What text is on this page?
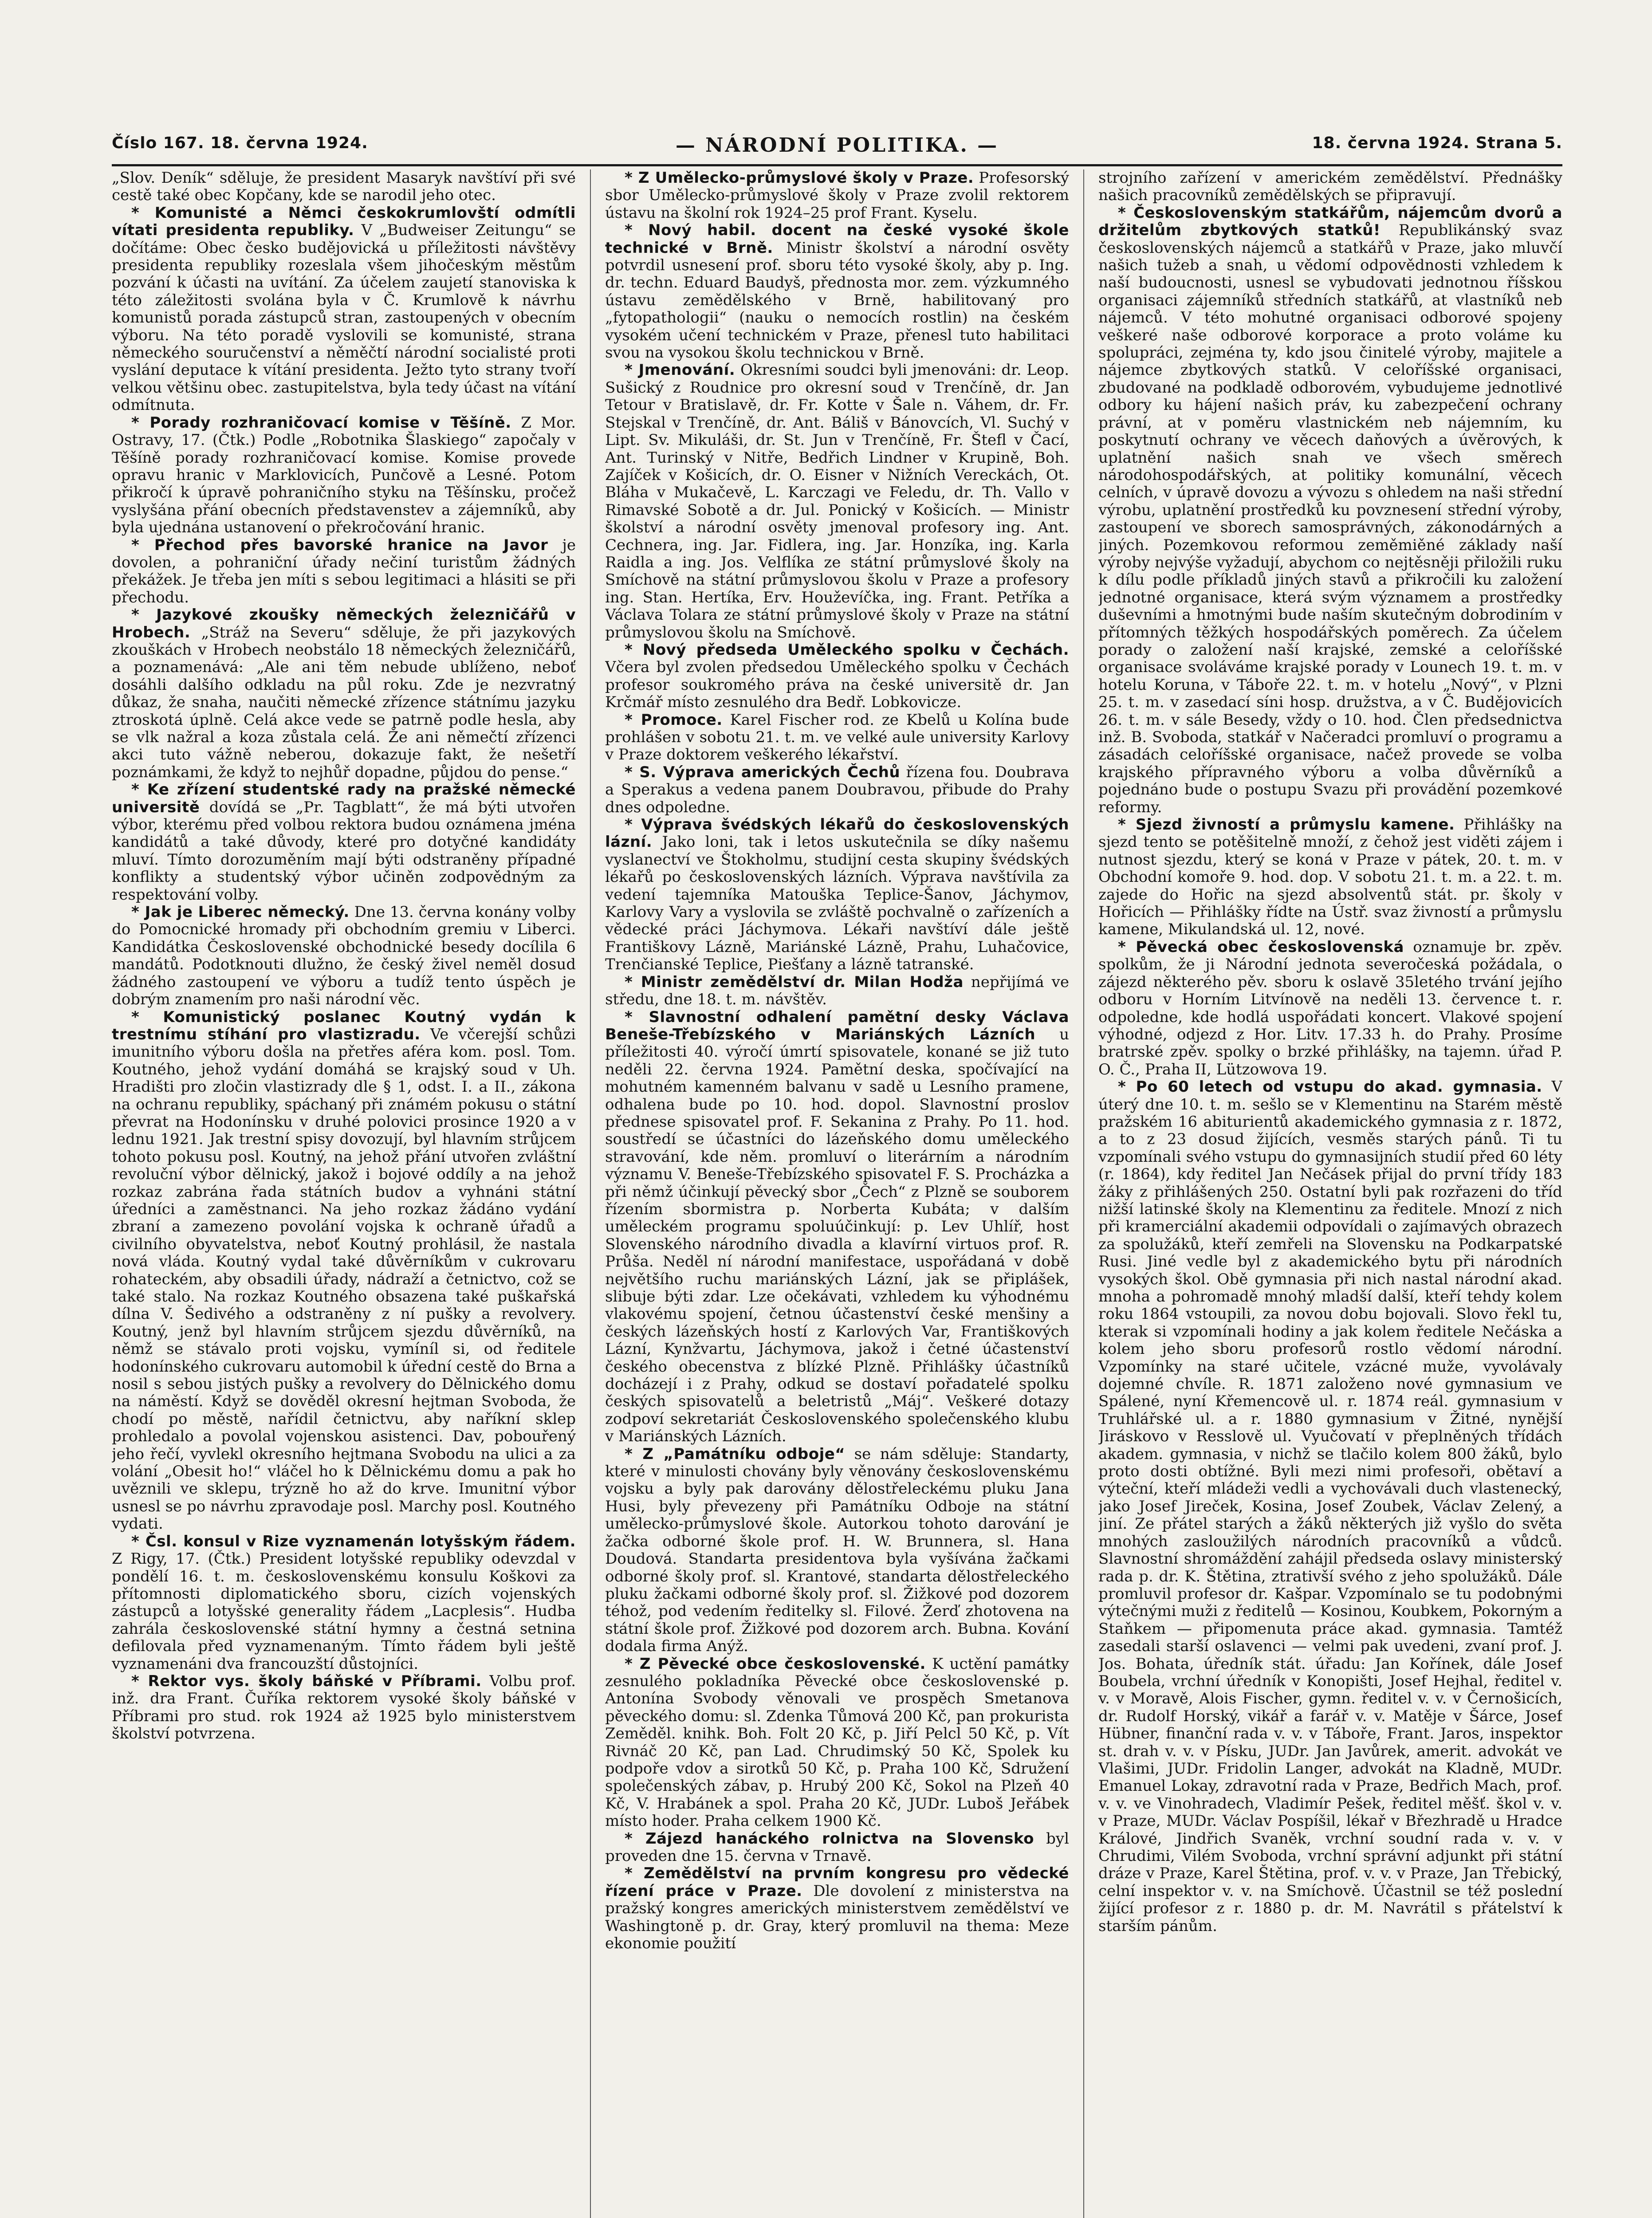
Číslo 167. 18. června 1924.	— NÁRODNÍ POLITIKA. —	18. června 1924. Strana 5.

„Slov. Deník“ sděluje, že president Masaryk navštíví při své cestě také obec Kopčany, kde se narodil jeho otec.

* Komunisté a Němci českokrumlovští odmítli vítati presidenta republiky. V „Budweiser Zeitungu“ se dočítáme: Obec česko budějovická u příležitosti návštěvy presidenta republiky rozeslala všem jihočeským městům pozvání k účasti na uvítání. Za účelem zaujetí stanoviska k této záležitosti svolána byla v Č. Krumlově k návrhu komunistů porada zástupců stran, zastoupených v obecním výboru. Na této poradě vyslovili se komunisté, strana německého souručenství a něměčtí národní socialisté proti vyslání deputace k vítání presidenta. Ježto tyto strany tvoří velkou většinu obec. zastupitelstva, byla tedy účast na vítání odmítnuta.

* Porady rozhraničovací komise v Těšíně. Z Mor. Ostravy, 17. (Čtk.) Podle „Robotnika Šlaskiego“ započaly v Těšíně porady rozhraničovací komise. Komise provede opravu hranic v Marklovicích, Punčově a Lesné. Potom přikročí k úpravě pohraničního styku na Těšínsku, pročež vyslyšána přání obecních představenstev a zájemníků, aby byla ujednána ustanovení o překročování hranic.

* Přechod přes bavorské hranice na Javor je dovolen, a pohraniční úřady nečiní turistům žádných překážek. Je třeba jen míti s sebou legitimaci a hlásiti se při přechodu.

* Jazykové zkoušky německých železničářů v Hrobech. „Stráž na Severu“ sděluje, že při jazykových zkouškách v Hrobech neobstálo 18 německých železničářů, a poznamenává: „Ale ani těm nebude ublíženo, neboť dosáhli dalšího odkladu na půl roku. Zde je nezvratný důkaz, že snaha, naučiti německé zřízence státnímu jazyku ztroskotá úplně. Celá akce vede se patrně podle hesla, aby se vlk nažral a koza zůstala celá. Že ani němečtí zřízenci akci tuto vážně neberou, dokazuje fakt, že nešetří poznámkami, že když to nejhůř dopadne, půjdou do pense.“

* Ke zřízení studentské rady na pražské německé universitě dovídá se „Pr. Tagblatt“, že má býti utvořen výbor, kterému před volbou rektora budou oznámena jména kandidátů a také důvody, které pro dotyčné kandidáty mluví. Tímto dorozuměním mají býti odstraněny případné konflikty a studentský výbor učiněn zodpovědným za respektování volby.

* Jak je Liberec německý. Dne 13. června konány volby do Pomocnické hromady při obchodním gremiu v Liberci. Kandidátka Československé obchodnické besedy docílila 6 mandátů. Podotknouti dlužno, že český živel neměl dosud žádného zastoupení ve výboru a tudíž tento úspěch je dobrým znamením pro naši národní věc.

* Komunistický poslanec Koutný vydán k trestnímu stíhání pro vlastizradu. Ve včerejší schůzi imunitního výboru došla na přetřes aféra kom. posl. Tom. Koutného, jehož vydání domáhá se krajský soud v Uh. Hradišti pro zločin vlastizrady dle § 1, odst. I. a II., zákona na ochranu republiky, spáchaný při známém pokusu o státní převrat na Hodonínsku v druhé polovici prosince 1920 a v lednu 1921. Jak trestní spisy dovozují, byl hlavním strůjcem tohoto pokusu posl. Koutný, na jehož přání utvořen zvláštní revoluční výbor dělnický, jakož i bojové oddíly a na jehož rozkaz zabrána řada státních budov a vyhnáni státní úředníci a zaměstnanci. Na jeho rozkaz žádáno vydání zbraní a zamezeno povolání vojska k ochraně úřadů a civilního obyvatelstva, neboť Koutný prohlásil, že nastala nová vláda. Koutný vydal také důvěrníkům v cukrovaru rohateckém, aby obsadili úřady, nádraží a četnictvo, což se také stalo. Na rozkaz Koutného obsazena také puškařská dílna V. Šedivého a odstraněny z ní pušky a revolvery. Koutný, jenž byl hlavním strůjcem sjezdu důvěrníků, na němž se stávalo proti vojsku, vymíníl si, od ředitele hodonínského cukrovaru automobil k úřední cestě do Brna a nosil s sebou jistých pušky a revolvery do Dělnického domu na náměstí. Když se dověděl okresní hejtman Svoboda, že chodí po městě, nařídil četnictvu, aby naříkní sklep prohledalo a povolal vojenskou asistenci. Dav, pobouřený jeho řečí, vyvlekl okresního hejtmana Svobodu na ulici a za volání „Obesit ho!“ vláčel ho k Dělnickému domu a pak ho uvěznili ve sklepu, trýzně ho až do krve. Imunitní výbor usnesl se po návrhu zpravodaje posl. Marchy posl. Koutného vydati.

* Čsl. konsul v Rize vyznamenán lotyšským řádem. Z Rigy, 17. (Čtk.) President lotyšské republiky odevzdal v pondělí 16. t. m. československému konsulu Koškovi za přítomnosti diplomatického sboru, cizích vojenských zástupců a lotyšské generality řádem „Lacplesis“. Hudba zahrála československé státní hymny a čestná setnina defilovala před vyznamenaným. Tímto řádem byli ještě vyznamenáni dva francouzští důstojníci.

* Rektor vys. školy báňské v Příbrami. Volbu prof. inž. dra Frant. Čuříka rektorem vysoké školy báňské v Příbrami pro stud. rok 1924 až 1925 bylo ministerstvem školství potvrzena.

* Z Umělecko-průmyslové školy v Praze. Profesorský sbor Umělecko-průmyslové školy v Praze zvolil rektorem ústavu na školní rok 1924–25 prof Frant. Kyselu.

* Nový habil. docent na české vysoké škole technické v Brně. Ministr školství a národní osvěty potvrdil usnesení prof. sboru této vysoké školy, aby p. Ing. dr. techn. Eduard Baudyš, přednosta mor. zem. výzkumného ústavu zemědělského v Brně, habilitovaný pro „fytopathologii“ (nauku o nemocích rostlin) na českém vysokém učení technickém v Praze, přenesl tuto habilitaci svou na vysokou školu technickou v Brně.

* Jmenování. Okresními soudci byli jmenováni: dr. Leop. Sušický z Roudnice pro okresní soud v Trenčíně, dr. Jan Tetour v Bratislavě, dr. Fr. Kotte v Šale n. Váhem, dr. Fr. Stejskal v Trenčíně, dr. Ant. Báliš v Bánovcích, Vl. Suchý v Lipt. Sv. Mikuláši, dr. St. Jun v Trenčíně, Fr. Štefl v Čací, Ant. Turinský v Nitře, Bedřich Lindner v Krupině, Boh. Zajíček v Košicích, dr. O. Eisner v Nižních Vereckách, Ot. Bláha v Mukačevě, L. Karczagi ve Feledu, dr. Th. Vallo v Rimavské Sobotě a dr. Jul. Ponický v Košicích. — Ministr školství a národní osvěty jmenoval profesory ing. Ant. Cechnera, ing. Jar. Fidlera, ing. Jar. Honzíka, ing. Karla Raidla a ing. Jos. Velflíka ze státní průmyslové školy na Smíchově na státní průmyslovou školu v Praze a profesory ing. Stan. Hertíka, Erv. Houževíčka, ing. Frant. Petříka a Václava Tolara ze státní průmyslové školy v Praze na státní průmyslovou školu na Smíchově.

* Nový předseda Uměleckého spolku v Čechách. Včera byl zvolen předsedou Uměleckého spolku v Čechách profesor soukromého práva na české universitě dr. Jan Krčmář místo zesnulého dra Bedř. Lobkovicze.

* Promoce. Karel Fischer rod. ze Kbelů u Kolína bude prohlášen v sobotu 21. t. m. ve velké aule university Karlovy v Praze doktorem veškerého lékařství.

* S. Výprava amerických Čechů řízena fou. Doubrava a Sperakus a vedena panem Doubravou, přibude do Prahy dnes odpoledne.

* Výprava švédských lékařů do československých lázní. Jako loni, tak i letos uskutečnila se díky našemu vyslanectví ve Štokholmu, studijní cesta skupiny švédských lékařů po československých lázních. Výprava navštívila za vedení tajemníka Matouška Teplice-Šanov, Jáchymov, Karlovy Vary a vyslovila se zvláště pochvalně o zařízeních a vědecké práci Jáchymova. Lékaři navštíví dále ještě Františkovy Lázně, Mariánské Lázně, Prahu, Luhačovice, Trenčianské Teplice, Piešťany a lázně tatranské.

* Ministr zemědělství dr. Milan Hodža nepřijímá ve středu, dne 18. t. m. návštěv.

* Slavnostní odhalení pamětní desky Václava Beneše-Třebízského v Mariánských Lázních u příležitosti 40. výročí úmrtí spisovatele, konané se již tuto neděli 22. června 1924. Pamětní deska, spočívající na mohutném kamenném balvanu v sadě u Lesního pramene, odhalena bude po 10. hod. dopol. Slavnostní proslov přednese spisovatel prof. F. Sekanina z Prahy. Po 11. hod. soustředí se účastníci do lázeňského domu uměleckého stravování, kde něm. promluví o literárním a národním významu V. Beneše-Třebízského spisovatel F. S. Procházka a při němž účinkují pěvecký sbor „Čech“ z Plzně se souborem řízením sbormistra p. Norberta Kubáta; v dalším uměleckém programu spoluúčinkují: p. Lev Uhlíř, host Slovenského národního divadla a klavírní virtuos prof. R. Průša. Neděl ní národní manifestace, uspořádaná v době největšího ruchu mariánských Lázní, jak se připlášek, slibuje býti zdar. Lze očekávati, vzhledem ku výhodnému vlakovému spojení, četnou účastenství české menšiny a českých lázeňských hostí z Karlových Var, Františkových Lázní, Kynžvartu, Jáchymova, jakož i četné účastenství českého obecenstva z blízké Plzně. Přihlášky účastníků docházejí i z Prahy, odkud se dostaví pořadatelé spolku českých spisovatelů a beletristů „Máj“. Veškeré dotazy zodpoví sekretariát Československého společenského klubu v Mariánských Lázních.

* Z „Památníku odboje“ se nám sděluje: Standarty, které v minulosti chovány byly věnovány československému vojsku a byly pak darovány dělostřeleckému pluku Jana Husi, byly převezeny při Památníku Odboje na státní umělecko-průmyslové škole. Autorkou tohoto darování je žačka odborné škole prof. H. W. Brunnera, sl. Hana Doudová. Standarta presidentova byla vyšívána žačkami odborné školy prof. sl. Krantové, standarta dělostřeleckého pluku žačkami odborné školy prof. sl. Žižkové pod dozorem téhož, pod vedením ředitelky sl. Filové. Žerď zhotovena na státní škole prof. Žižkové pod dozorem arch. Bubna. Kování dodala firma Anýž.

* Z Pěvecké obce československé. K uctění památky zesnulého pokladníka Pěvecké obce československé p. Antonína Svobody věnovali ve prospěch Smetanova pěveckého domu: sl. Zdenka Tůmová 200 Kč, pan prokurista Zeměděl. knihk. Boh. Folt 20 Kč, p. Jiří Pelcl 50 Kč, p. Vít Rivnáč 20 Kč, pan Lad. Chrudimský 50 Kč, Spolek ku podpoře vdov a sirotků 50 Kč, p. Praha 100 Kč, Sdružení společenských zábav, p. Hrubý 200 Kč, Sokol na Plzeň 40 Kč, V. Hrabánek a spol. Praha 20 Kč, JUDr. Luboš Jeřábek místo hoder. Praha celkem 1900 Kč.

* Zájezd hanáckého rolnictva na Slovensko byl proveden dne 15. června v Trnavě.

* Zemědělství na prvním kongresu pro vědecké řízení práce v Praze. Dle dovolení z ministerstva na pražský kongres amerických ministerstvem zemědělství ve Washingtoně p. dr. Gray, který promluvil na thema: Meze ekonomie použití

strojního zařízení v americkém zemědělství. Přednášky našich pracovníků zemědělských se připravují.

* Československým statkářům, nájemcům dvorů a držitelům zbytkových statků! Republikánský svaz československých nájemců a statkářů v Praze, jako mluvčí našich tužeb a snah, u vědomí odpovědnosti vzhledem k naší budoucnosti, usnesl se vybudovati jednotnou říšskou organisaci zájemníků středních statkářů, at vlastníků neb nájemců. V této mohutné organisaci odborové spojeny veškeré naše odborové korporace a proto voláme ku spolupráci, zejména ty, kdo jsou činitelé výroby, majitele a nájemce zbytkových statků. V celoříšské organisaci, zbudované na podkladě odborovém, vybudujeme jednotlivé odbory ku hájení našich práv, ku zabezpečení ochrany právní, at v poměru vlastnickém neb nájemním, ku poskytnutí ochrany ve věcech daňových a úvěrových, k uplatnění našich snah ve všech směrech národohospodářských, at politiky komunální, věcech celních, v úpravě dovozu a vývozu s ohledem na naši střední výrobu, uplatnění prostředků ku povznesení střední výroby, zastoupení ve sborech samosprávných, zákonodárných a jiných. Pozemkovou reformou zeměmiěné základy naší výroby nejvýše vyžadují, abychom co nejtěsněji přiložili ruku k dílu podle příkladů jiných stavů a přikročili ku založení jednotné organisace, která svým významem a prostředky duševními a hmotnými bude naším skutečným dobrodiním v přítomných těžkých hospodářských poměrech. Za účelem porady o založení naší krajské, zemské a celoříšské organisace svoláváme krajské porady v Lounech 19. t. m. v hotelu Koruna, v Táboře 22. t. m. v hotelu „Nový“, v Plzni 25. t. m. v zasedací síni hosp. družstva, a v Č. Budějovicích 26. t. m. v sále Besedy, vždy o 10. hod. Člen předsednictva inž. B. Svoboda, statkář v Načeradci promluví o programu a zásadách celoříšské organisace, načež provede se volba krajského přípravného výboru a volba důvěrníků a pojednáno bude o postupu Svazu při provádění pozemkové reformy.

* Sjezd živností a průmyslu kamene. Přihlášky na sjezd tento se potěšitelně množí, z čehož jest viděti zájem i nutnost sjezdu, který se koná v Praze v pátek, 20. t. m. v Obchodní komoře 9. hod. dop. V sobotu 21. t. m. a 22. t. m. zajede do Hořic na sjezd absolventů stát. pr. školy v Hořicích — Přihlášky řídte na Ústř. svaz živností a průmyslu kamene, Mikulandská ul. 12, nové.

* Pěvecká obec československá oznamuje br. zpěv. spolkům, že ji Národní jednota severočeská požádala, o zájezd některého pěv. sboru k oslavě 35letého trvání jejího odboru v Horním Litvínově na neděli 13. července t. r. odpoledne, kde hodlá uspořádati koncert. Vlakové spojení výhodné, odjezd z Hor. Litv. 17.33 h. do Prahy. Prosíme bratrské zpěv. spolky o brzké přihlášky, na tajemn. úřad P. O. Č., Praha II, Lützowova 19.

* Po 60 letech od vstupu do akad. gymnasia. V úterý dne 10. t. m. sešlo se v Klementinu na Starém městě pražském 16 abiturientů akademického gymnasia z r. 1872, a to z 23 dosud žijících, vesměs starých pánů. Ti tu vzpomínali svého vstupu do gymnasijních studií před 60 léty (r. 1864), kdy ředitel Jan Nečásek přijal do první třídy 183 žáky z přihlášených 250. Ostatní byli pak rozřazeni do tříd nižší latinské školy na Klementinu za ředitele. Mnozí z nich při kramerciální akademii odpovídali o zajímavých obrazech za spolužáků, kteří zemřeli na Slovensku na Podkarpatské Rusi. Jiné vedle byl z akademického bytu při národních vysokých škol. Obě gymnasia při nich nastal národní akad. mnoha a pohromadě mnohý mladší další, kteří tehdy kolem roku 1864 vstoupili, za novou dobu bojovali. Slovo řekl tu, kterak si vzpomínali hodiny a jak kolem ředitele Nečáska a kolem jeho sboru profesorů rostlo vědomí národní. Vzpomínky na staré učitele, vzácné muže, vyvolávaly dojemné chvíle. R. 1871 založeno nové gymnasium ve Spálené, nyní Křemencově ul. r. 1874 reál. gymnasium v Truhlářské ul. a r. 1880 gymnasium v Žitné, nynější Jiráskovo v Resslově ul. Vyučovatí v přeplněných třídách akadem. gymnasia, v nichž se tlačilo kolem 800 žáků, bylo proto dosti obtížné. Byli mezi nimi profesoři, obětaví a výteční, kteří mládeži vedli a vychovávali duch vlastenecký, jako Josef Jireček, Kosina, Josef Zoubek, Václav Zelený, a jiní. Ze přátel starých a žáků některých již vyšlo do světa mnohých zasloužilých národních pracovníků a vůdců. Slavnostní shromáždění zahájil předseda oslavy ministerský rada p. dr. K. Štětina, ztrativší svého z jeho spolužáků. Dále promluvil profesor dr. Kašpar. Vzpomínalo se tu podobnými výtečnými muži z ředitelů — Kosinou, Koubkem, Pokorným a Staňkem — připomenuta práce akad. gymnasia. Tamtéž zasedali starší oslavenci — velmi pak uvedeni, zvaní prof. J. Jos. Bohata, úředník stát. úřadu: Jan Kořínek, dále Josef Boubela, vrchní úředník v Konopišti, Josef Hejhal, ředitel v. v. v Moravě, Alois Fischer, gymn. ředitel v. v. v Černošicích, dr. Rudolf Horský, vikář a farář v. v. Matěje v Šárce, Josef Hübner, finanční rada v. v. v Táboře, Frant. Jaros, inspektor st. drah v. v. v Písku, JUDr. Jan Javůrek, amerit. advokát ve Vlašimi, JUDr. Fridolin Langer, advokát na Kladně, MUDr. Emanuel Lokay, zdravotní rada v Praze, Bedřich Mach, prof. v. v. ve Vinohradech, Vladimír Pešek, ředitel měšť. škol v. v. v Praze, MUDr. Václav Pospíšil, lékař v Březhradě u Hradce Králové, Jindřich Svaněk, vrchní soudní rada v. v. v Chrudimi, Vilém Svoboda, vrchní správní adjunkt při státní dráze v Praze, Karel Štětina, prof. v. v. v Praze, Jan Třebický, celní inspektor v. v. na Smíchově. Účastnil se též poslední žijící profesor z r. 1880 p. dr. M. Navrátil s přátelství k starším pánům.
